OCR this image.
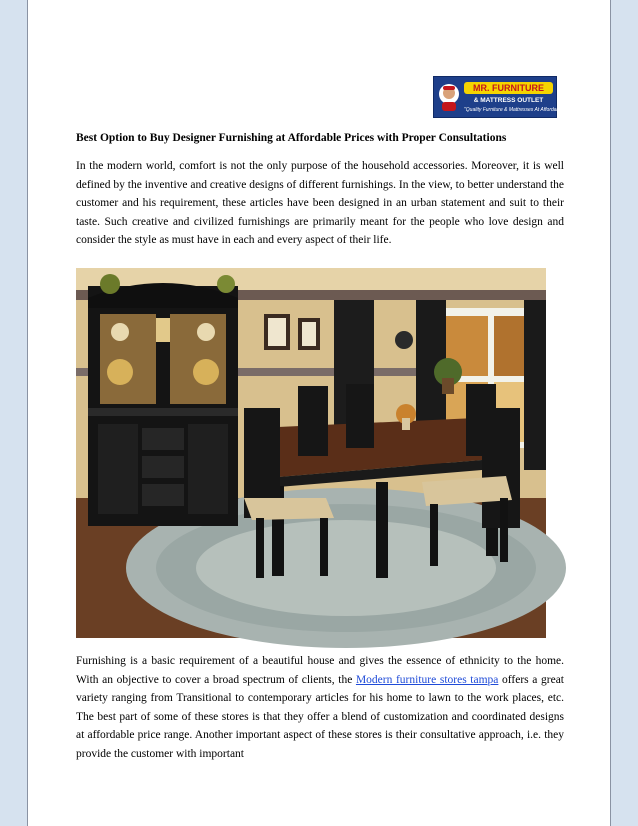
MR. FURNITURE
& MATTRESS OUTLET
"Quality Furniture & Mattresses At Affordable Prices"
Best Option to Buy Designer Furnishing at Affordable Prices with Proper Consultations

In the modern world, comfort is not the only purpose of the household accessories. Moreover, it is well defined by the inventive and creative designs of different furnishings. In the view, to better understand the customer and his requirement, these articles have been designed in an urban statement and suit to their taste. Such creative and civilized furnishings are primarily meant for the people who love design and consider the style as must have in each and every aspect of their life.

Furnishing is a basic requirement of a beautiful house and gives the essence of ethnicity to the home. With an objective to cover a broad spectrum of clients, the Modern furniture stores tampa offers a great variety ranging from Transitional to contemporary articles for his home to lawn to the work places, etc. The best part of some of these stores is that they offer a blend of customization and coordinated designs at affordable price range. Another important aspect of these stores is their consultative approach, i.e. they provide the customer with important
